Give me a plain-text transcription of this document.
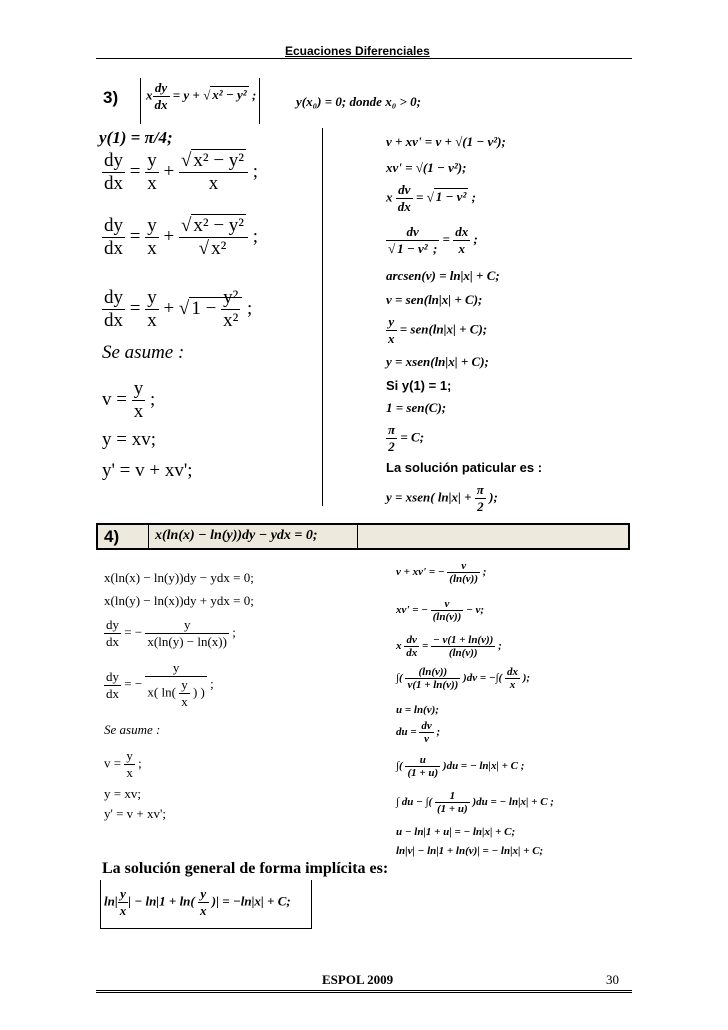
Ecuaciones Diferenciales
3) x $\frac{dy}{dx} = y$ + √ x² − y² ;	y(x₀) = 0; donde x₀ > 0;
y(1) = π/4;
$\frac{dy}{dx} = \frac{y}{x} + \frac{\text{√ x² − y²}}{x}$ ;
$\frac{dy}{dx} = \frac{y}{x} + \frac{\text{√ x² − y²}}{\text{√ x²}}$ ;
$\frac{dy}{dx} = \frac{y}{x}$ + √ $1 - \frac{\text{y²}}{\text{x²}}$ ;
Se asume :
$v = \frac{y}{x}$ ;
y = xv;
y' = v + xv';
v + xv' = v + √(1 − v²);
xv' = √(1 − v²);
x $\frac{dv}{dx}$ = √ 1 − v² ;
$\frac{dv}{\text{√ 1 − v² ;}} = \frac{dx}{x}$ ;
arcsen(v) = ln|x| + C;
v = sen(ln|x| + C);
$\frac{y}{x} = sen(\ln|x| + C)$;
y = xsen(ln|x| + C);
Si y(1) = 1;
1 = sen(C);
$\frac{\pi}{2} = C$;
La solución paticular es :
y = xsen( $\ln|x| + \frac{\pi}{2}$ );
4)	x(ln(x) − ln(y))dy − ydx = 0;
x(ln(x) − ln(y))dy − ydx = 0;
x(ln(y) − ln(x))dy + ydx = 0;
$\frac{dy}{dx}$ = − $\frac{y}{x(\ln(y) - \ln(x))}$ ;
$\frac{dy}{dx}$ = − $\frac{y}{x( \ln( \frac{y}{x} ) )}$ ;
Se asume :
$v = \frac{y}{x}$ ;
y = xv;
y' = v + xv';
v + xv' = − $\frac{v}{(\ln(v))}$ ;
xv' = − $\frac{v}{(\ln(v))} - v$;
x $\frac{dv}{dx} = \frac{- v(1 + \ln(v))}{(\ln(v))}$ ;
∫( $\frac{(\ln(v))}{v(1 + \ln(v))} )dv$ = −∫( $\frac{dx}{x}$ );
u = ln(v);
du = $\frac{dv}{v}$ ;
∫( $\frac{u}{(1 + u)} )du$ = − ln|x| + C ;
∫ du − ∫( $\frac{1}{(1 + u)} )du$ = − ln|x| + C ;
u − ln|1 + u| = − ln|x| + C;
ln|v| − ln|1 + ln(v)| = − ln|x| + C;
La solución general de forma implícita es:
$\ln| \frac{y}{x}$ | − $\ln|1 + \ln( \frac{y}{x}$ )| = −ln|x| + C;
ESPOL 2009	30
